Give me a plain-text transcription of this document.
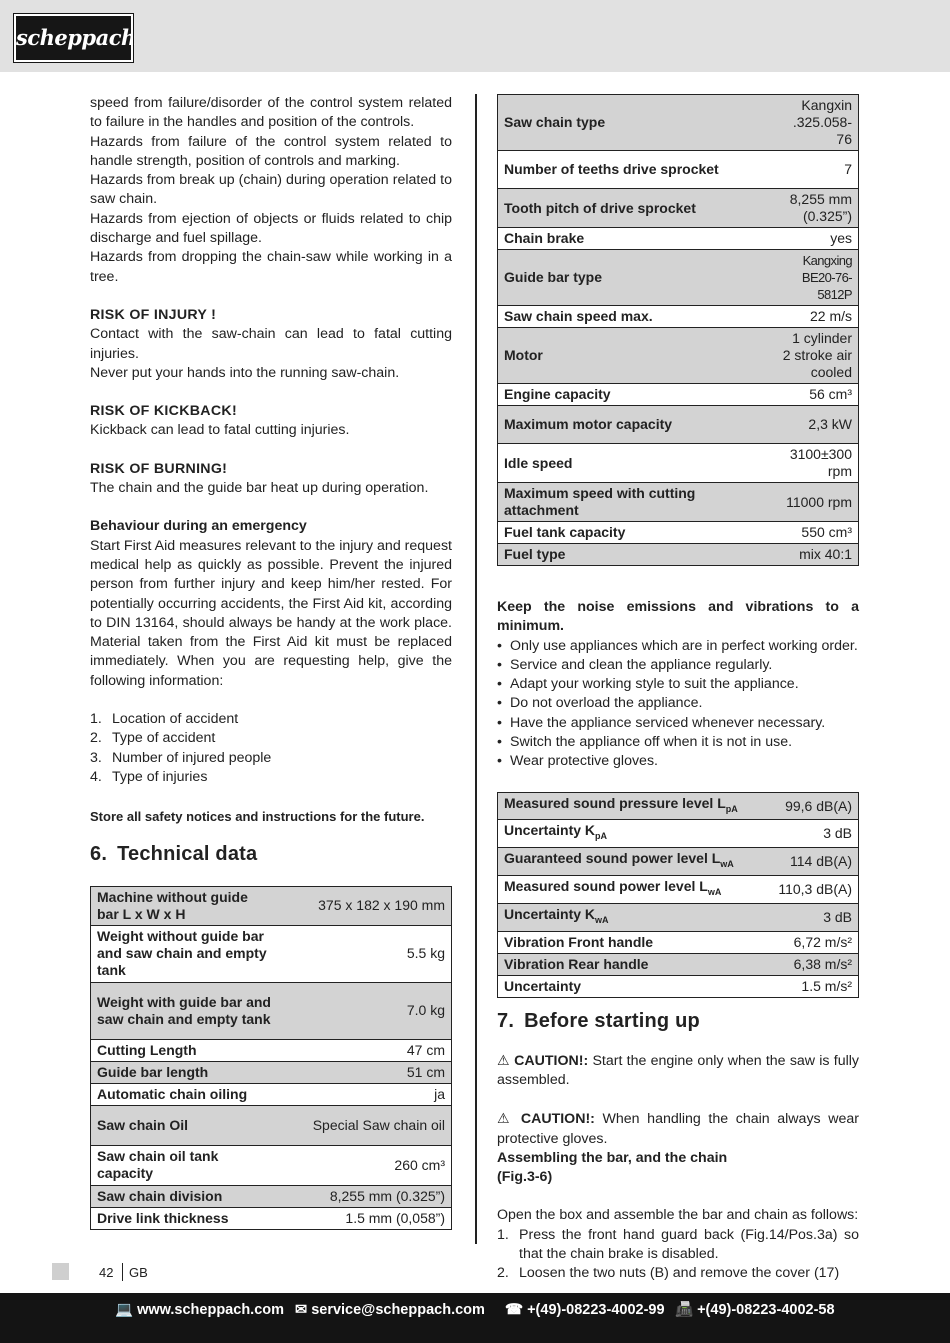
scheppach

speed from failure/disorder of the control system related to failure in the handles and position of the controls.

Hazards from failure of the control system related to handle strength, position of controls and marking.

Hazards from break up (chain) during operation related to saw chain.

Hazards from ejection of objects or fluids related to chip discharge and fuel spillage.

Hazards from dropping the chain-saw while working in a tree.

RISK OF INJURY !

Contact with the saw-chain can lead to fatal cutting injuries.

Never put your hands into the running saw-chain.

RISK OF KICKBACK!

Kickback can lead to fatal cutting injuries.

RISK OF BURNING!

The chain and the guide bar heat up during operation.

Behaviour during an emergency

Start First Aid measures relevant to the injury and request medical help as quickly as possible. Prevent the injured person from further injury and keep him/her rested. For potentially occurring accidents, the First Aid kit, according to DIN 13164, should always be handy at the work place. Material taken from the First Aid kit must be replaced immediately. When you are requesting help, give the following information:

1. Location of accident
2. Type of accident
3. Number of injured people
4. Type of injuries

Store all safety notices and instructions for the future.

6. Technical data
Machine without guide bar L x W x H	375 x 182 x 190 mm
Weight without guide bar and saw chain and empty tank	5.5 kg
Weight with guide bar and saw chain and empty tank	7.0 kg
Cutting Length	47 cm
Guide bar length	51 cm
Automatic chain oiling	ja
Saw chain Oil	Special Saw chain oil
Saw chain oil tank capacity	260 cm³
Saw chain division	8,255 mm (0.325”)
Drive link thickness	1.5 mm (0,058”)
Saw chain type	Kangxin .325.058-76
Number of teeths drive sprocket	7
Tooth pitch of drive sprocket	8,255 mm (0.325”)
Chain brake	yes
Guide bar type	Kangxing BE20-76-5812P
Saw chain speed max.	22 m/s
Motor	1 cylinder 2 stroke air cooled
Engine capacity	56 cm³
Maximum motor capacity	2,3 kW
Idle speed	3100±300 rpm
Maximum speed with cutting attachment	11000 rpm
Fuel tank capacity	550 cm³
Fuel type	mix 40:1

Keep the noise emissions and vibrations to a minimum.

• Only use appliances which are in perfect working order.
• Service and clean the appliance regularly.
• Adapt your working style to suit the appliance.
• Do not overload the appliance.
• Have the appliance serviced whenever necessary.
• Switch the appliance off when it is not in use.
• Wear protective gloves.
Measured sound pressure level $L_{pA}$	99,6 dB(A)
Uncertainty $K_{pA}$	3 dB
Guaranteed sound power level $L_{wA}$	114 dB(A)
Measured sound power level $L_{wA}$	110,3 dB(A)
Uncertainty $K_{wA}$	3 dB
Vibration Front handle	6,72 m/s²
Vibration Rear handle	6,38 m/s²
Uncertainty	1.5 m/s²
7. Before starting up

⚠ CAUTION!: Start the engine only when the saw is fully assembled.

⚠ CAUTION!: When handling the chain always wear protective gloves.

Assembling the bar, and the chain

(Fig.3-6)

Open the box and assemble the bar and chain as follows:

1. Press the front hand guard back (Fig.14/Pos.3a) so that the chain brake is disabled.
2. Loosen the two nuts (B) and remove the cover (17)
42 GB
💻 www.scheppach.com ✉ service@scheppach.com ☎ +(49)-08223-4002-99 📠 +(49)-08223-4002-58
